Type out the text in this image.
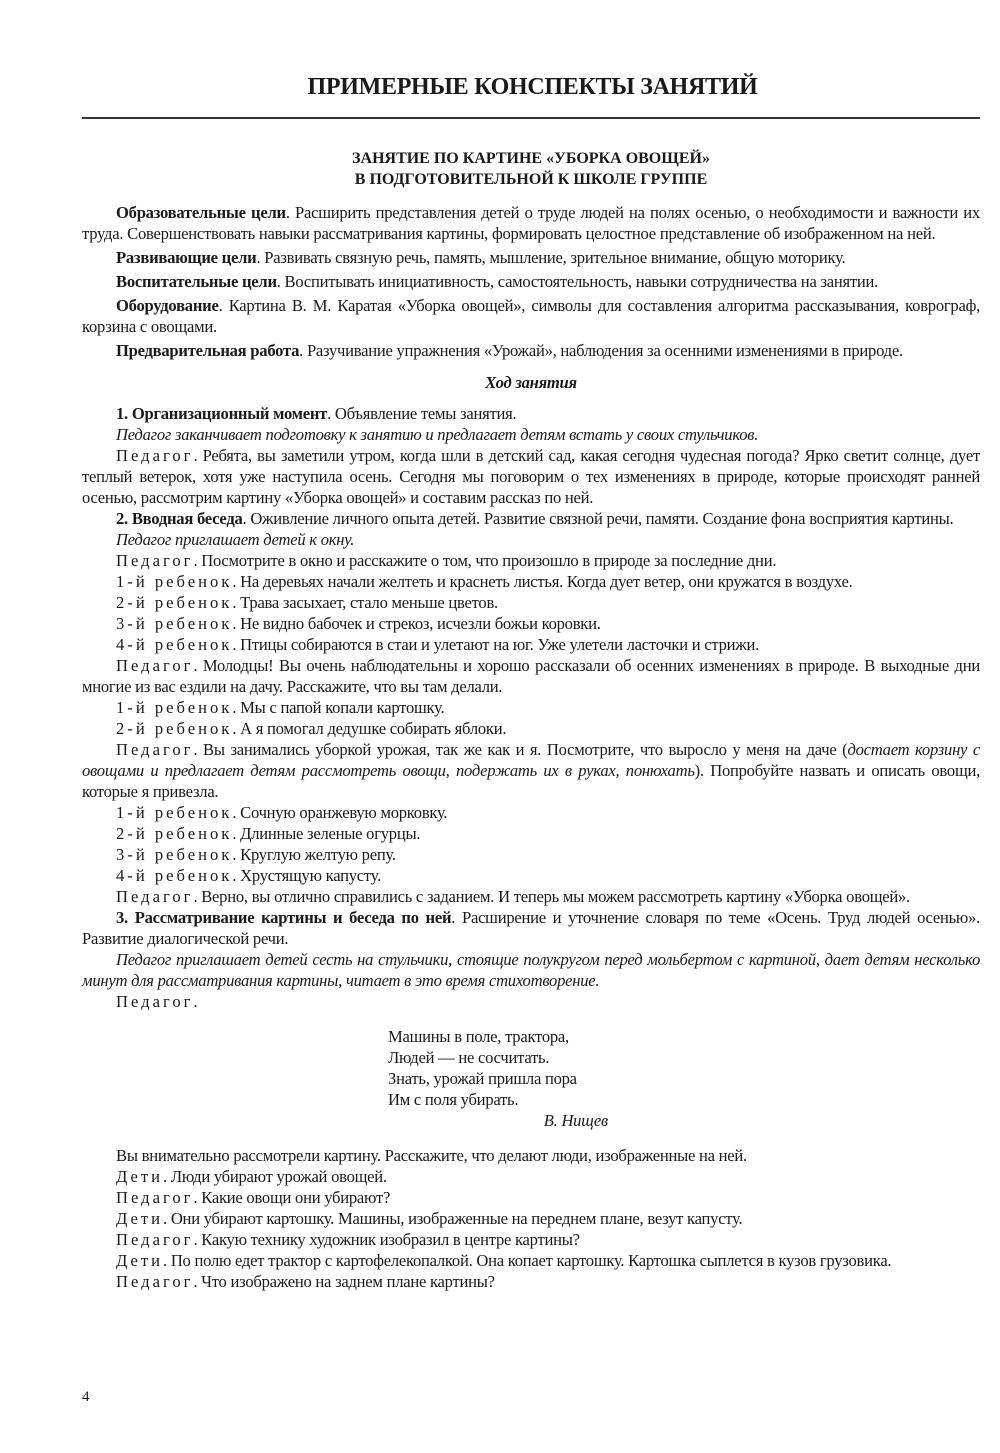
ПРИМЕРНЫЕ КОНСПЕКТЫ ЗАНЯТИЙ
ЗАНЯТИЕ ПО КАРТИНЕ «УБОРКА ОВОЩЕЙ»
В ПОДГОТОВИТЕЛЬНОЙ К ШКОЛЕ ГРУППЕ

Образовательные цели. Расширить представления детей о труде людей на полях осенью, о необходимости и важности их труда. Совершенствовать навыки рассматривания картины, формировать целостное представление об изображенном на ней.

Развивающие цели. Развивать связную речь, память, мышление, зрительное внимание, общую моторику.

Воспитательные цели. Воспитывать инициативность, самостоятельность, навыки сотрудничества на занятии.

Оборудование. Картина В. М. Каратая «Уборка овощей», символы для составления алгоритма рассказывания, коврограф, корзина с овощами.

Предварительная работа. Разучивание упражнения «Урожай», наблюдения за осенними изменениями в природе.

Ход занятия

1. Организационный момент. Объявление темы занятия.

Педагог заканчивает подготовку к занятию и предлагает детям встать у своих стульчиков.

Педагог. Ребята, вы заметили утром, когда шли в детский сад, какая сегодня чудесная погода? Ярко светит солнце, дует теплый ветерок, хотя уже наступила осень. Сегодня мы поговорим о тех изменениях в природе, которые происходят ранней осенью, рассмотрим картину «Уборка овощей» и составим рассказ по ней.

2. Вводная беседа. Оживление личного опыта детей. Развитие связной речи, памяти. Создание фона восприятия картины.

Педагог приглашает детей к окну.

Педагог. Посмотрите в окно и расскажите о том, что произошло в природе за последние дни.

1-й ребенок. На деревьях начали желтеть и краснеть листья. Когда дует ветер, они кружатся в воздухе.

2-й ребенок. Трава засыхает, стало меньше цветов.

3-й ребенок. Не видно бабочек и стрекоз, исчезли божьи коровки.

4-й ребенок. Птицы собираются в стаи и улетают на юг. Уже улетели ласточки и стрижи.

Педагог. Молодцы! Вы очень наблюдательны и хорошо рассказали об осенних изменениях в природе. В выходные дни многие из вас ездили на дачу. Расскажите, что вы там делали.

1-й ребенок. Мы с папой копали картошку.

2-й ребенок. А я помогал дедушке собирать яблоки.

Педагог. Вы занимались уборкой урожая, так же как и я. Посмотрите, что выросло у меня на даче (достает корзину с овощами и предлагает детям рассмотреть овощи, подержать их в руках, понюхать). Попробуйте назвать и описать овощи, которые я привезла.

1-й ребенок. Сочную оранжевую морковку.

2-й ребенок. Длинные зеленые огурцы.

3-й ребенок. Круглую желтую репу.

4-й ребенок. Хрустящую капусту.

Педагог. Верно, вы отлично справились с заданием. И теперь мы можем рассмотреть картину «Уборка овощей».

3. Рассматривание картины и беседа по ней. Расширение и уточнение словаря по теме «Осень. Труд людей осенью». Развитие диалогической речи.

Педагог приглашает детей сесть на стульчики, стоящие полукругом перед мольбертом с картиной, дает детям несколько минут для рассматривания картины, читает в это время стихотворение.

Педагог.

Машины в поле, трактора,
Людей — не сосчитать.
Знать, урожай пришла пора
Им с поля убирать.
В. Нищев

Вы внимательно рассмотрели картину. Расскажите, что делают люди, изображенные на ней.

Дети. Люди убирают урожай овощей.

Педагог. Какие овощи они убирают?

Дети. Они убирают картошку. Машины, изображенные на переднем плане, везут капусту.

Педагог. Какую технику художник изобразил в центре картины?

Дети. По полю едет трактор с картофелекопалкой. Она копает картошку. Картошка сыплется в кузов грузовика.

Педагог. Что изображено на заднем плане картины?

4
